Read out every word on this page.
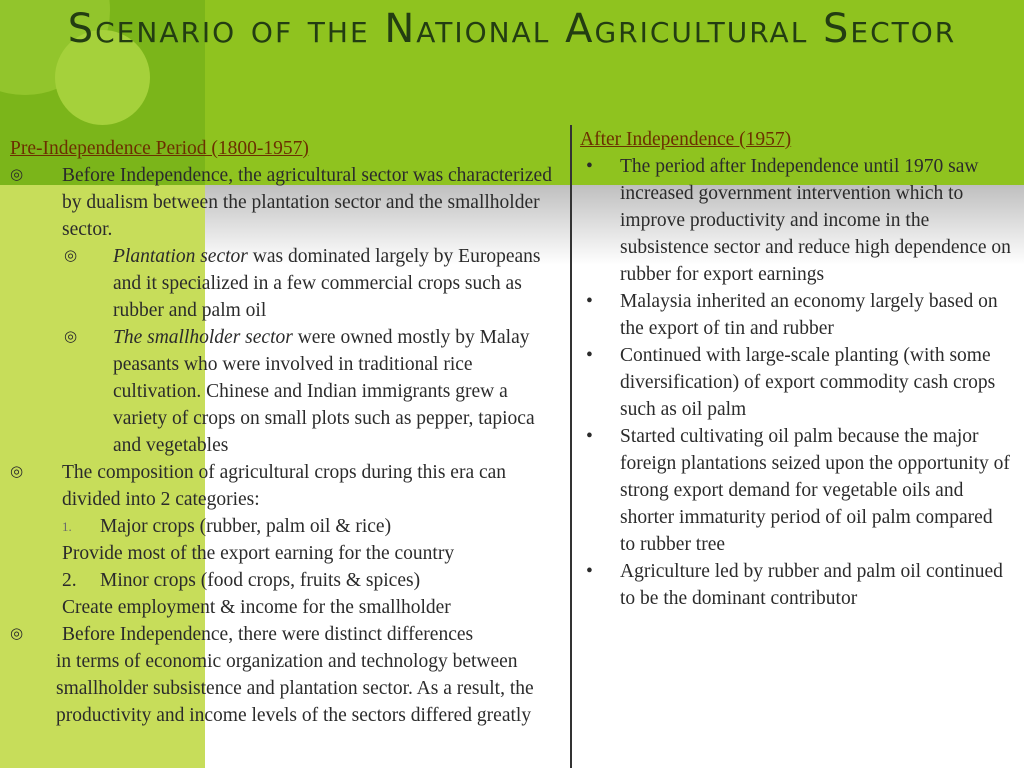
Scenario of the National Agricultural Sector
Pre-Independence Period (1800-1957)
◎ Before Independence, the agricultural sector was characterized by dualism between the plantation sector and the smallholder sector.
◎ Plantation sector was dominated largely by Europeans and it specialized in a few commercial crops such as rubber and palm oil
◎ The smallholder sector were owned mostly by Malay peasants who were involved in traditional rice cultivation. Chinese and Indian immigrants grew a variety of crops on small plots such as pepper, tapioca and vegetables
◎ The composition of agricultural crops during this era can divided into 2 categories:
1. Major crops (rubber, palm oil & rice)
Provide most of the export earning for the country
2. Minor crops (food crops, fruits & spices)
Create employment & income for the smallholder
◎	Before Independence, there were distinct differences
in terms of economic organization and technology between smallholder subsistence and plantation sector. As a result, the productivity and income levels of the sectors differed greatly
After Independence (1957)
• The period after Independence until 1970 saw increased government intervention which to improve productivity and income in the subsistence sector and reduce high dependence on rubber for export earnings
• Malaysia inherited an economy largely based on the export of tin and rubber
• Continued with large-scale planting (with some diversification) of export commodity cash crops such as oil palm
• Started cultivating oil palm because the major foreign plantations seized upon the opportunity of strong export demand for vegetable oils and shorter immaturity period of oil palm compared to rubber tree
• Agriculture led by rubber and palm oil continued to be the dominant contributor
